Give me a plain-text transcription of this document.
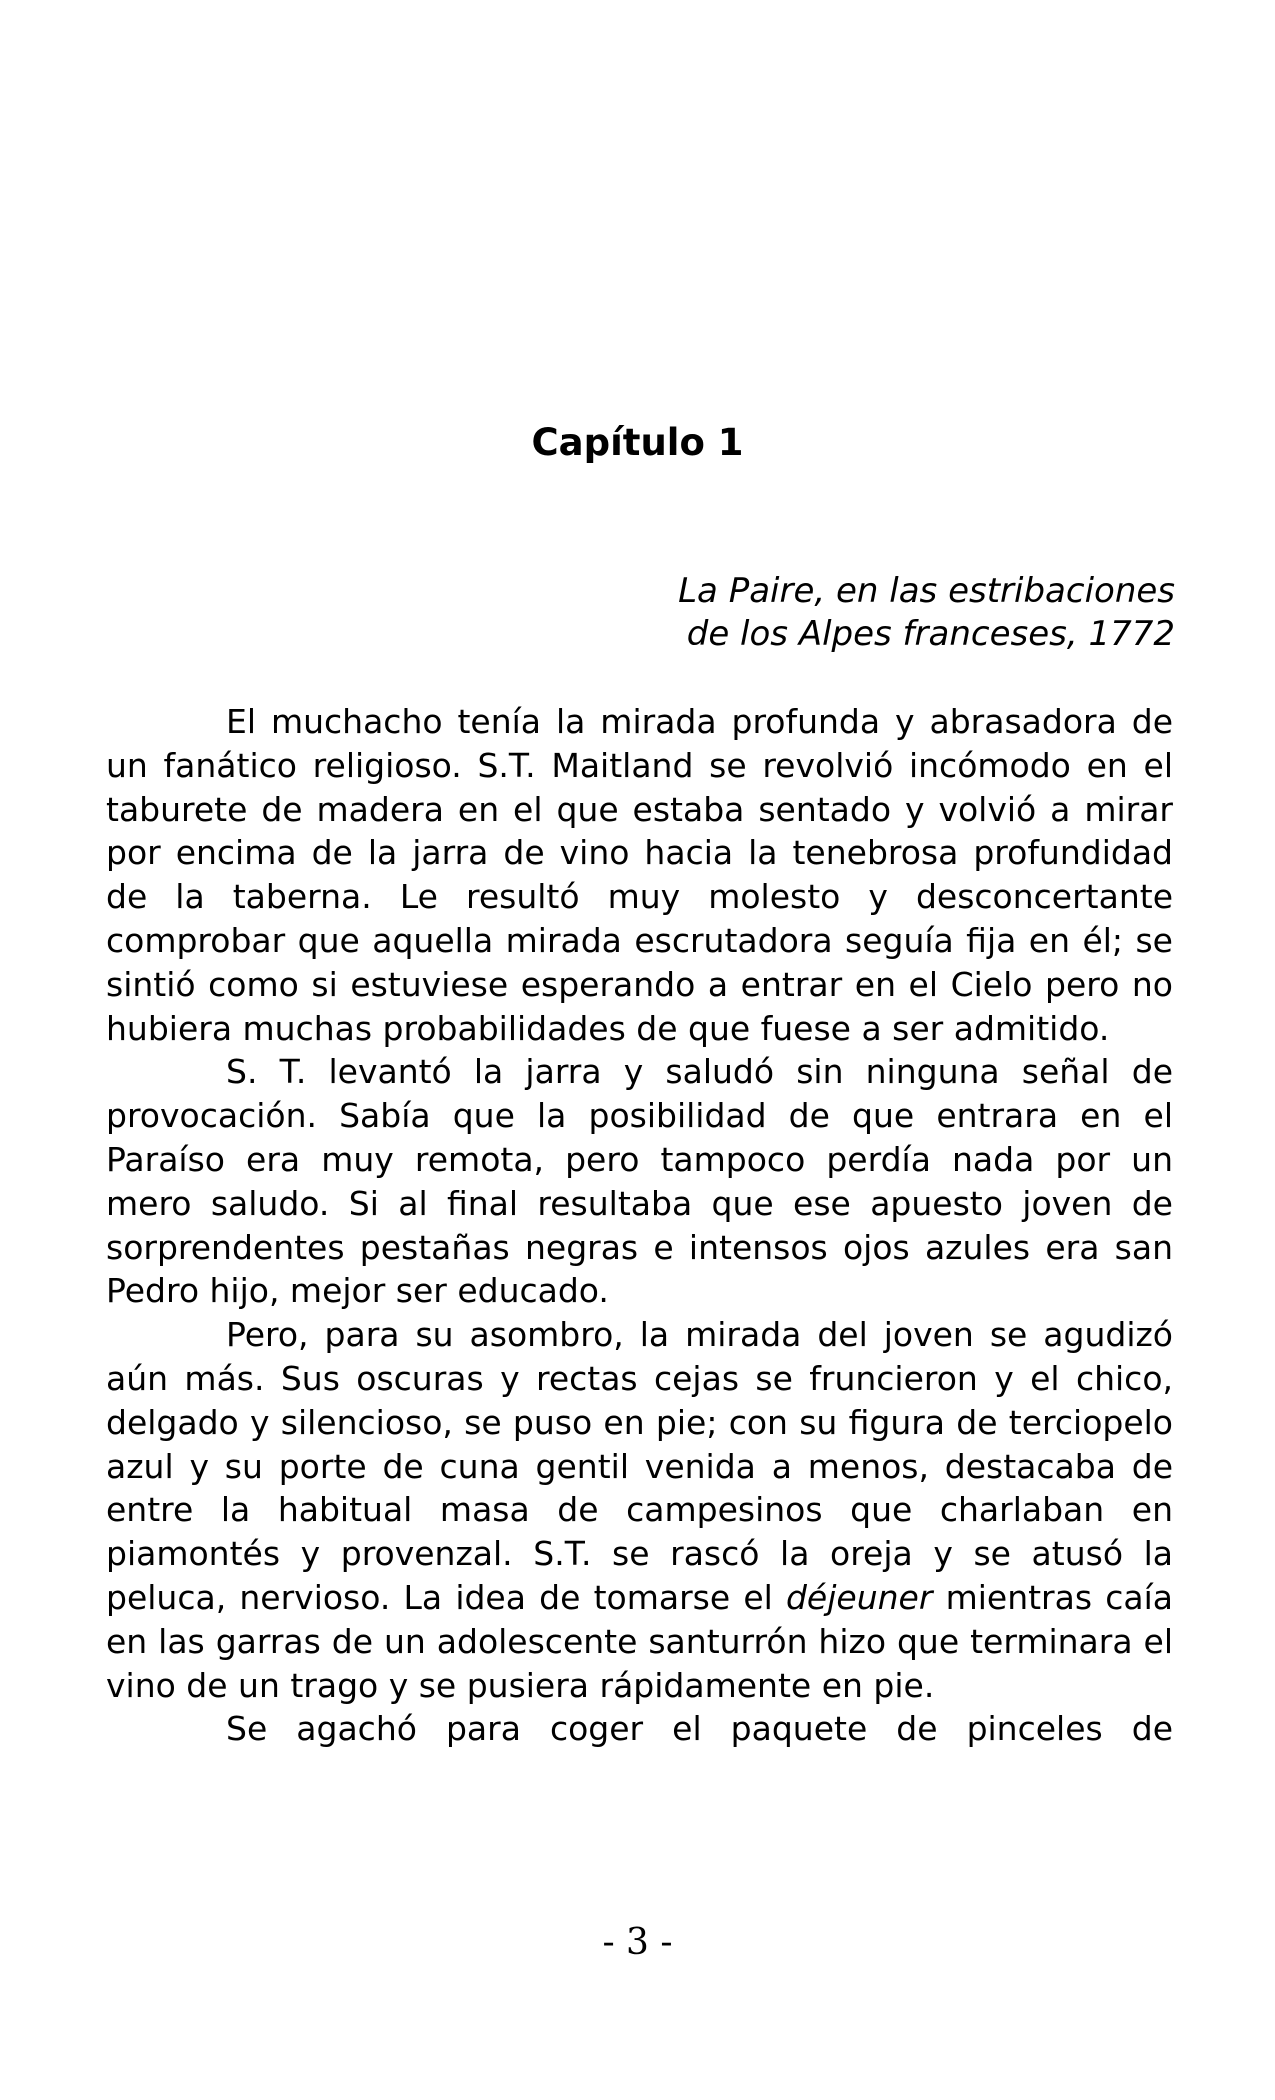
Capítulo 1
La Paire, en las estribaciones
de los Alpes franceses, 1772

El muchacho tenía la mirada profunda y abrasadora de un fanático religioso. S.T. Maitland se revolvió incómodo en el taburete de madera en el que estaba sentado y volvió a mirar por encima de la jarra de vino hacia la tenebrosa profundidad de la taberna. Le resultó muy molesto y desconcertante comprobar que aquella mirada escrutadora seguía fija en él; se sintió como si estuviese esperando a entrar en el Cielo pero no hubiera muchas probabilidades de que fuese a ser admitido.

S. T. levantó la jarra y saludó sin ninguna señal de provocación. Sabía que la posibilidad de que entrara en el Paraíso era muy remota, pero tampoco perdía nada por un mero saludo. Si al final resultaba que ese apuesto joven de sorprendentes pestañas negras e intensos ojos azules era san Pedro hijo, mejor ser educado.

Pero, para su asombro, la mirada del joven se agudizó aún más. Sus oscuras y rectas cejas se fruncieron y el chico, delgado y silencioso, se puso en pie; con su figura de terciopelo azul y su porte de cuna gentil venida a menos, destacaba de entre la habitual masa de campesinos que charlaban en piamontés y provenzal. S.T. se rascó la oreja y se atusó la peluca, nervioso. La idea de tomarse el déjeuner mientras caía en las garras de un adolescente santurrón hizo que terminara el vino de un trago y se pusiera rápidamente en pie.

Se agachó para coger el paquete de pinceles de

- 3 -
